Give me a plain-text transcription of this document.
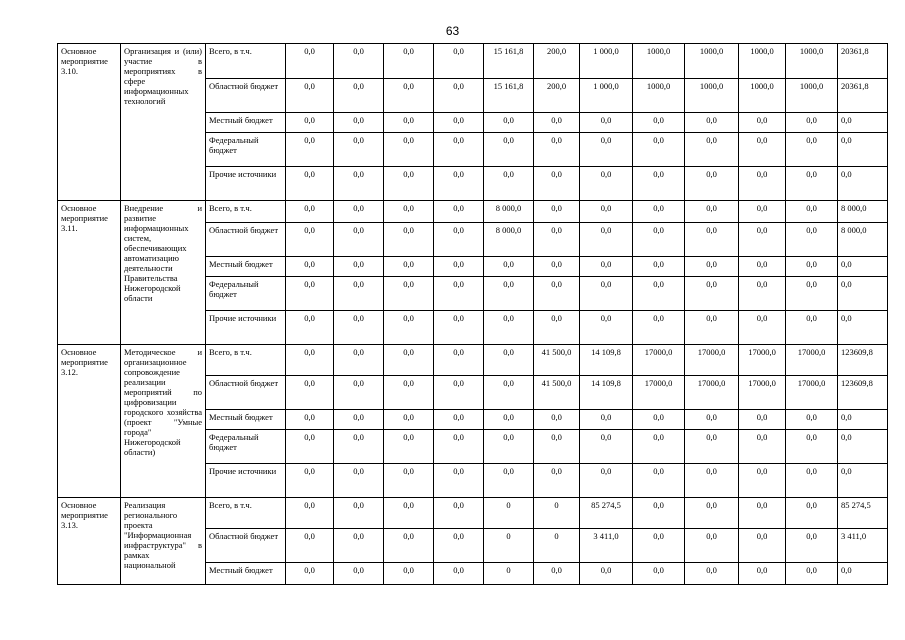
63
Основное мероприятие 3.10.	Организация и (или) участие в мероприятиях в сфере информационных технологий	Всего, в т.ч.	0,0	0,0	0,0	0,0	15 161,8	200,0	1 000,0	1000,0	1000,0	1000,0	1000,0	20361,8
		Областной бюджет	0,0	0,0	0,0	0,0	15 161,8	200,0	1 000,0	1000,0	1000,0	1000,0	1000,0	20361,8
		Местный бюджет	0,0	0,0	0,0	0,0	0,0	0,0	0,0	0,0	0,0	0,0	0,0	0,0
		Федеральный бюджет	0,0	0,0	0,0	0,0	0,0	0,0	0,0	0,0	0,0	0,0	0,0	0,0
		Прочие источники	0,0	0,0	0,0	0,0	0,0	0,0	0,0	0,0	0,0	0,0	0,0	0,0
Основное мероприятие 3.11.	Внедрение и развитие информационных систем, обеспечивающих автоматизацию деятельности Правительства Нижегородской области	Всего, в т.ч.	0,0	0,0	0,0	0,0	8 000,0	0,0	0,0	0,0	0,0	0,0	0,0	8 000,0
		Областной бюджет	0,0	0,0	0,0	0,0	8 000,0	0,0	0,0	0,0	0,0	0,0	0,0	8 000,0
		Местный бюджет	0,0	0,0	0,0	0,0	0,0	0,0	0,0	0,0	0,0	0,0	0,0	0,0
		Федеральный бюджет	0,0	0,0	0,0	0,0	0,0	0,0	0,0	0,0	0,0	0,0	0,0	0,0
		Прочие источники	0,0	0,0	0,0	0,0	0,0	0,0	0,0	0,0	0,0	0,0	0,0	0,0
Основное мероприятие 3.12.	Методическое и организационное сопровождение реализации мероприятий по цифровизации городского хозяйства (проект "Умные города" Нижегородской области)	Всего, в т.ч.	0,0	0,0	0,0	0,0	0,0	41 500,0	14 109,8	17000,0	17000,0	17000,0	17000,0	123609,8
		Областной бюджет	0,0	0,0	0,0	0,0	0,0	41 500,0	14 109,8	17000,0	17000,0	17000,0	17000,0	123609,8
		Местный бюджет	0,0	0,0	0,0	0,0	0,0	0,0	0,0	0,0	0,0	0,0	0,0	0,0
		Федеральный бюджет	0,0	0,0	0,0	0,0	0,0	0,0	0,0	0,0	0,0	0,0	0,0	0,0
		Прочие источники	0,0	0,0	0,0	0,0	0,0	0,0	0,0	0,0	0,0	0,0	0,0	0,0
Основное мероприятие 3.13.	Реализация регионального проекта "Информационная инфраструктура" в рамках национальной	Всего, в т.ч.	0,0	0,0	0,0	0,0	0	0	85 274,5	0,0	0,0	0,0	0,0	85 274,5
		Областной бюджет	0,0	0,0	0,0	0,0	0	0	3 411,0	0,0	0,0	0,0	0,0	3 411,0
		Местный бюджет	0,0	0,0	0,0	0,0	0	0,0	0,0	0,0	0,0	0,0	0,0	0,0
